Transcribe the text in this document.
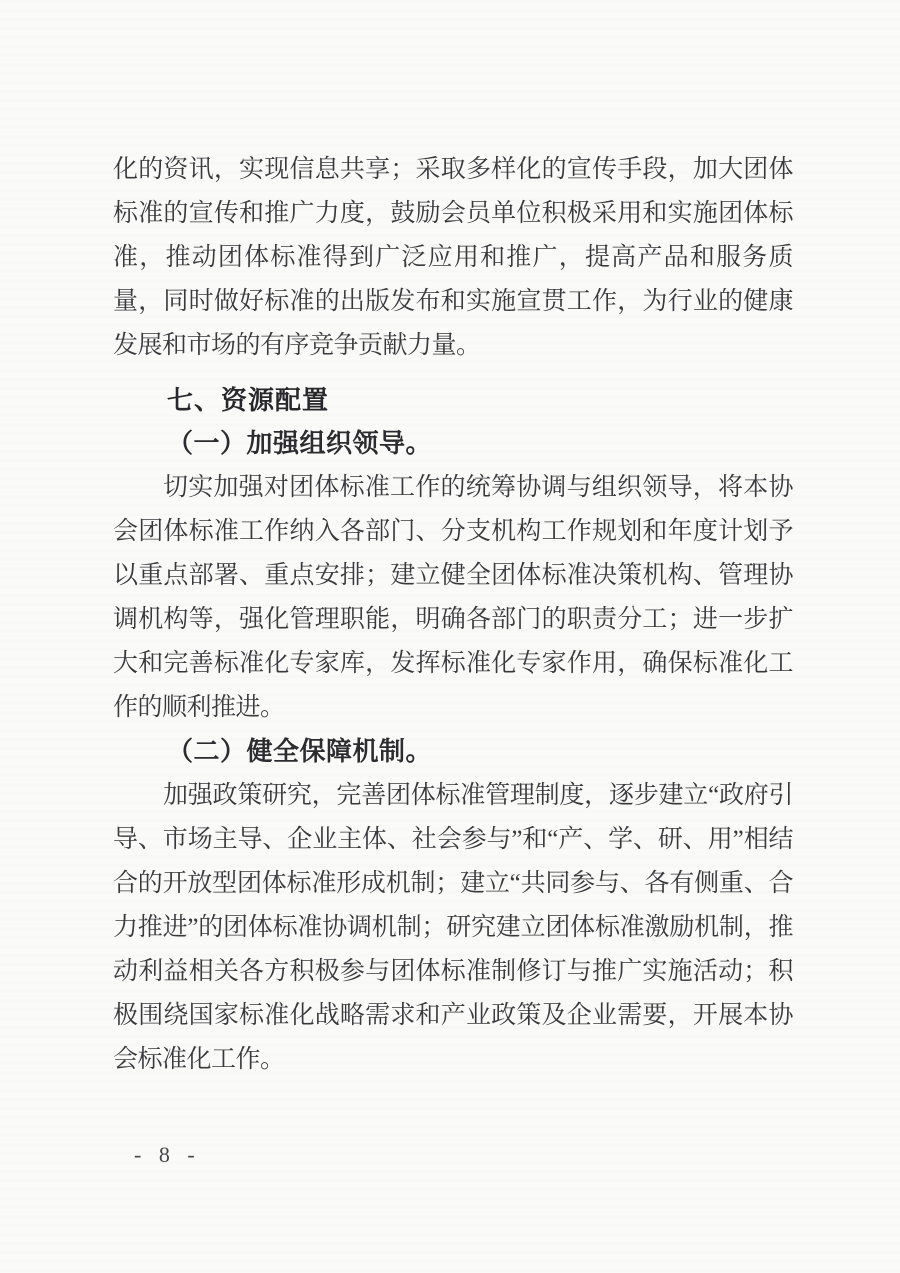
化的资讯，实现信息共享；采取多样化的宣传手段，加大团体标准的宣传和推广力度，鼓励会员单位积极采用和实施团体标准，推动团体标准得到广泛应用和推广，提高产品和服务质量，同时做好标准的出版发布和实施宣贯工作，为行业的健康发展和市场的有序竞争贡献力量。

七、资源配置
（一）加强组织领导。

切实加强对团体标准工作的统筹协调与组织领导，将本协会团体标准工作纳入各部门、分支机构工作规划和年度计划予以重点部署、重点安排；建立健全团体标准决策机构、管理协调机构等，强化管理职能，明确各部门的职责分工；进一步扩大和完善标准化专家库，发挥标准化专家作用，确保标准化工作的顺利推进。

（二）健全保障机制。

加强政策研究，完善团体标准管理制度，逐步建立“政府引导、市场主导、企业主体、社会参与”和“产、学、研、用”相结合的开放型团体标准形成机制；建立“共同参与、各有侧重、合力推进”的团体标准协调机制；研究建立团体标准激励机制，推动利益相关各方积极参与团体标准制修订与推广实施活动；积极围绕国家标准化战略需求和产业政策及企业需要，开展本协会标准化工作。

- 8 -
